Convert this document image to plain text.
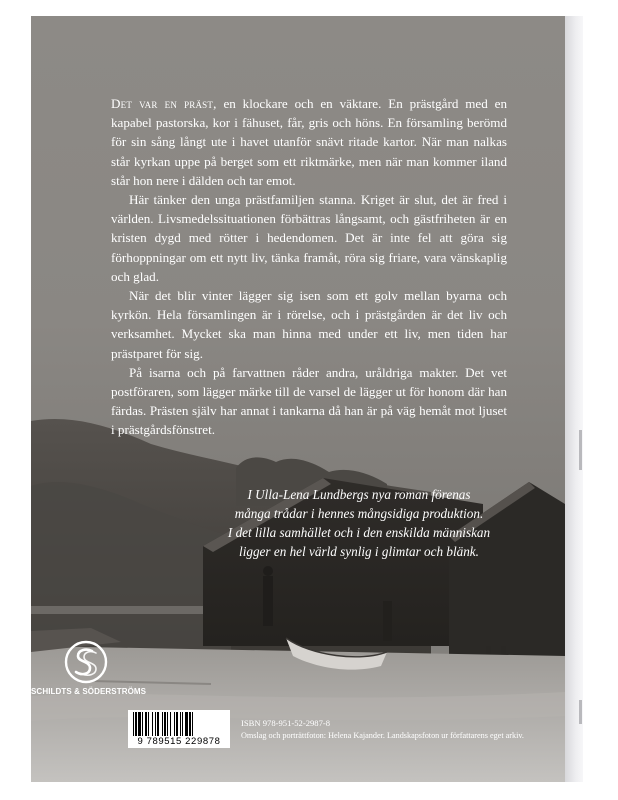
Det var en präst, en klockare och en väktare. En prästgård med en kapabel pastorska, kor i fähuset, får, gris och höns. En församling berömd för sin sång långt ute i havet utanför snävt ritade kartor. När man nalkas står kyrkan uppe på berget som ett riktmärke, men när man kommer iland står hon nere i dälden och tar emot.

Här tänker den unga prästfamiljen stanna. Kriget är slut, det är fred i världen. Livsmedelssituationen förbättras långsamt, och gästfriheten är en kristen dygd med rötter i hedendomen. Det är inte fel att göra sig förhoppningar om ett nytt liv, tänka framåt, röra sig friare, vara vänskaplig och glad.

När det blir vinter lägger sig isen som ett golv mellan byarna och kyrkön. Hela församlingen är i rörelse, och i prästgården är det liv och verksamhet. Mycket ska man hinna med under ett liv, men tiden har prästparet för sig.

På isarna och på farvattnen råder andra, uråldriga makter. Det vet postföraren, som lägger märke till de varsel de lägger ut för honom där han färdas. Prästen själv har annat i tankarna då han är på väg hemåt mot ljuset i prästgårdsfönstret.

I Ulla-Lena Lundbergs nya roman förenas
många trådar i hennes mångsidiga produktion.
I det lilla samhället och i den enskilda människan
ligger en hel värld synlig i glimtar och blänk.
SCHILDTS & SÖDERSTRÖMS
9 789515 229878
ISBN 978-951-52-2987-8
Omslag och porträttfoton: Helena Kajander. Landskapsfoton ur författarens eget arkiv.
